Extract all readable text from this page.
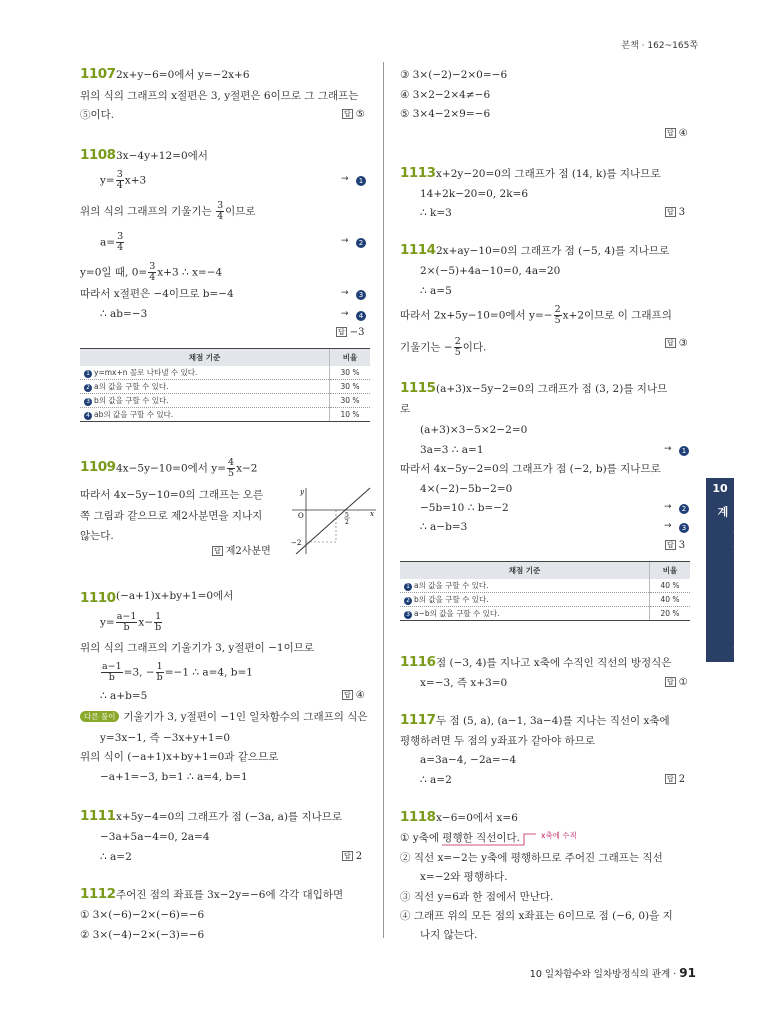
본책 · 162~165쪽
10 일차함수와 일차방정식의 관계 · 91
10
일차함수와 일차방정식의 관계
1107 2x+y−6=0에서 y=−2x+6
위의 식의 그래프의 x절편은 3, y절편은 6이므로 그 그래프는
⑤이다.	답 ⑤
1108 3x−4y+12=0에서
$y= \frac{3}{4} x+3$	→	1
위의 식의 그래프의 기울기는 $\frac{3}{4}$ 이므로
$a= \frac{3}{4}$	→	2
y=0일 때, $0= \frac{3}{4} x+3$ ∴ x=−4
따라서 x절편은 −4이므로 b=−4	→	3
∴ ab=−3	→	4
답 −3
채점 기준	비율
1 y=mx+n 꼴로 나타낼 수 있다.	30 %
2 a의 값을 구할 수 있다.	30 %
3 b의 값을 구할 수 있다.	30 %
4 ab의 값을 구할 수 있다.	10 %
1109 4x−5y−10=0에서 $y= \frac{4}{5} x-2$
따라서 4x−5y−10=0의 그래프는 오른
쪽 그림과 같으므로 제2사분면을 지나지
않는다.
답 제2사분면
y
x
O	5
2
−2
1110 (−a+1)x+by+1=0에서
$y= \frac{a-1}{b} x- \frac{1}{b}$
위의 식의 그래프의 기울기가 3, y절편이 −1이므로
$\frac{a-1}{b} =3$, − $\frac{1}{b} =-1$ ∴ a=4, b=1
∴ a+b=5	답 ④
다른 풀이 기울기가 3, y절편이 −1인 일차함수의 그래프의 식은
y=3x−1, 즉 −3x+y+1=0
위의 식이 (−a+1)x+by+1=0과 같으므로
−a+1=−3, b=1 ∴ a=4, b=1
1111 x+5y−4=0의 그래프가 점 (−3a, a)를 지나므로
−3a+5a−4=0, 2a=4
∴ a=2	답 2
1112 주어진 점의 좌표를 3x−2y=−6에 각각 대입하면
① 3×(−6)−2×(−6)=−6
② 3×(−4)−2×(−3)=−6
③ 3×(−2)−2×0=−6
④ 3×2−2×4≠−6
⑤ 3×4−2×9=−6
답 ④
1113 x+2y−20=0의 그래프가 점 (14, k)를 지나므로
14+2k−20=0, 2k=6
∴ k=3	답 3
1114 2x+ay−10=0의 그래프가 점 (−5, 4)를 지나므로
2×(−5)+4a−10=0, 4a=20
∴ a=5
따라서 2x+5y−10=0에서 $y=- \frac{2}{5} x+2$이므로 이 그래프의
기울기는 − $\frac{2}{5}$ 이다.	답 ③
1115 (a+3)x−5y−2=0의 그래프가 점 (3, 2)를 지나므
로
(a+3)×3−5×2−2=0
3a=3 ∴ a=1	→	1
따라서 4x−5y−2=0의 그래프가 점 (−2, b)를 지나므로
4×(−2)−5b−2=0
−5b=10 ∴ b=−2	→	2
∴ a−b=3	→	3
답 3
채점 기준	비율
1 a의 값을 구할 수 있다.	40 %
2 b의 값을 구할 수 있다.	40 %
3 a−b의 값을 구할 수 있다.	20 %
1116 점 (−3, 4)를 지나고 x축에 수직인 직선의 방정식은
x=−3, 즉 x+3=0	답 ①
1117 두 점 (5, a), (a−1, 3a−4)를 지나는 직선이 x축에
평행하려면 두 점의 y좌표가 같아야 하므로
a=3a−4, −2a=−4
∴ a=2	답 2
1118 x−6=0에서 x=6
① y축에 평행한 직선이다.	x축에 수직
② 직선 x=−2는 y축에 평행하므로 주어진 그래프는 직선
x=−2와 평행하다.
③ 직선 y=6과 한 점에서 만난다.
④ 그래프 위의 모든 점의 x좌표는 6이므로 점 (−6, 0)을 지
나지 않는다.
